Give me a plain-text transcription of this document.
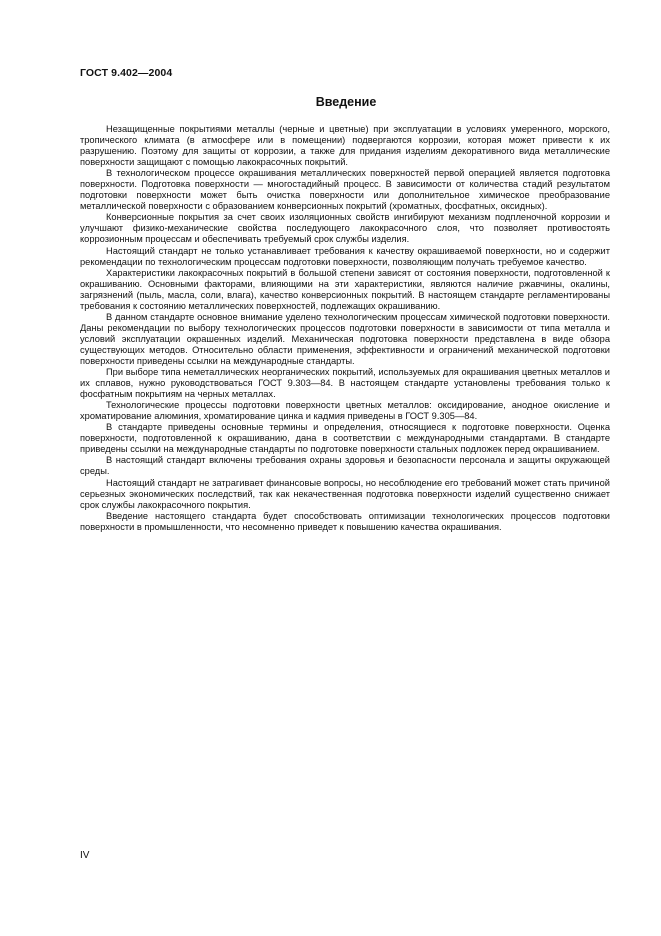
ГОСТ 9.402—2004
Введение

Незащищенные покрытиями металлы (черные и цветные) при эксплуатации в условиях умеренного, морского, тропического климата (в атмосфере или в помещении) подвергаются коррозии, которая может привести к их разрушению. Поэтому для защиты от коррозии, а также для придания изделиям декоративного вида металлические поверхности защищают с помощью лакокрасочных покрытий.

В технологическом процессе окрашивания металлических поверхностей первой операцией является подготовка поверхности. Подготовка поверхности — многостадийный процесс. В зависимости от количества стадий результатом подготовки поверхности может быть очистка поверхности или дополнительное химическое преобразование металлической поверхности с образованием конверсионных покрытий (хроматных, фосфатных, оксидных).

Конверсионные покрытия за счет своих изоляционных свойств ингибируют механизм подпленочной коррозии и улучшают физико-механические свойства последующего лакокрасочного слоя, что позволяет противостоять коррозионным процессам и обеспечивать требуемый срок службы изделия.

Настоящий стандарт не только устанавливает требования к качеству окрашиваемой поверхности, но и содержит рекомендации по технологическим процессам подготовки поверхности, позволяющим получать требуемое качество.

Характеристики лакокрасочных покрытий в большой степени зависят от состояния поверхности, подготовленной к окрашиванию. Основными факторами, влияющими на эти характеристики, являются наличие ржавчины, окалины, загрязнений (пыль, масла, соли, влага), качество конверсионных покрытий. В настоящем стандарте регламентированы требования к состоянию металлических поверхностей, подлежащих окрашиванию.

В данном стандарте основное внимание уделено технологическим процессам химической подготовки поверхности. Даны рекомендации по выбору технологических процессов подготовки поверхности в зависимости от типа металла и условий эксплуатации окрашенных изделий. Механическая подготовка поверхности представлена в виде обзора существующих методов. Относительно области применения, эффективности и ограничений механической подготовки поверхности приведены ссылки на международные стандарты.

При выборе типа неметаллических неорганических покрытий, используемых для окрашивания цветных металлов и их сплавов, нужно руководствоваться ГОСТ 9.303—84. В настоящем стандарте установлены требования только к фосфатным покрытиям на черных металлах.

Технологические процессы подготовки поверхности цветных металлов: оксидирование, анодное окисление и хроматирование алюминия, хроматирование цинка и кадмия приведены в ГОСТ 9.305—84.

В стандарте приведены основные термины и определения, относящиеся к подготовке поверхности. Оценка поверхности, подготовленной к окрашиванию, дана в соответствии с международными стандартами. В стандарте приведены ссылки на международные стандарты по подготовке поверхности стальных подложек перед окрашиванием.

В настоящий стандарт включены требования охраны здоровья и безопасности персонала и защиты окружающей среды.

Настоящий стандарт не затрагивает финансовые вопросы, но несоблюдение его требований может стать причиной серьезных экономических последствий, так как некачественная подготовка поверхности изделий существенно снижает срок службы лакокрасочного покрытия.

Введение настоящего стандарта будет способствовать оптимизации технологических процессов подготовки поверхности в промышленности, что несомненно приведет к повышению качества окрашивания.

IV
